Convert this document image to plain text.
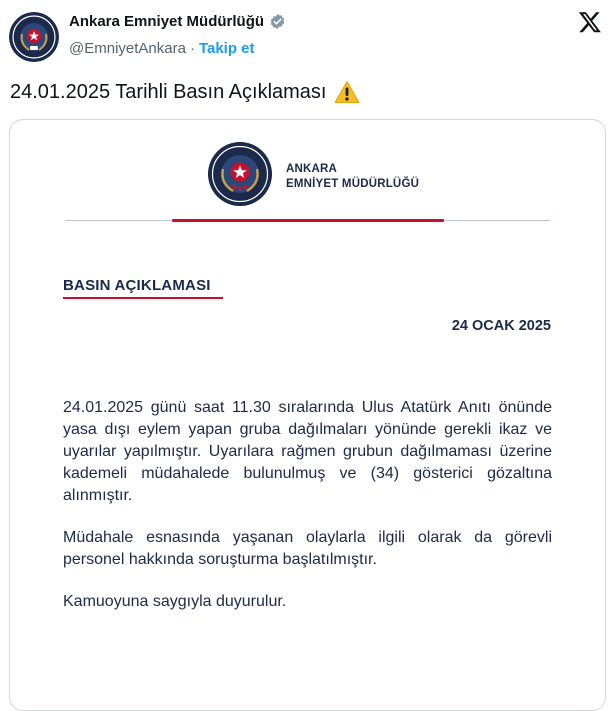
Ankara Emniyet Müdürlüğü
@EmniyetAnkara · Takip et
24.01.2025 Tarihli Basın Açıklaması
ANKARA
EMNİYET MÜDÜRLÜĞÜ
BASIN AÇIKLAMASI
24 OCAK 2025

24.01.2025 günü saat 11.30 sıralarında Ulus Atatürk Anıtı önünde yasa dışı eylem yapan gruba dağılmaları yönünde gerekli ikaz ve uyarılar yapılmıştır. Uyarılara rağmen grubun dağılmaması üzerine kademeli müdahalede bulunulmuş ve (34) gösterici gözaltına alınmıştır.

Müdahale esnasında yaşanan olaylarla ilgili olarak da görevli personel hakkında soruşturma başlatılmıştır.

Kamuoyuna saygıyla duyurulur.
